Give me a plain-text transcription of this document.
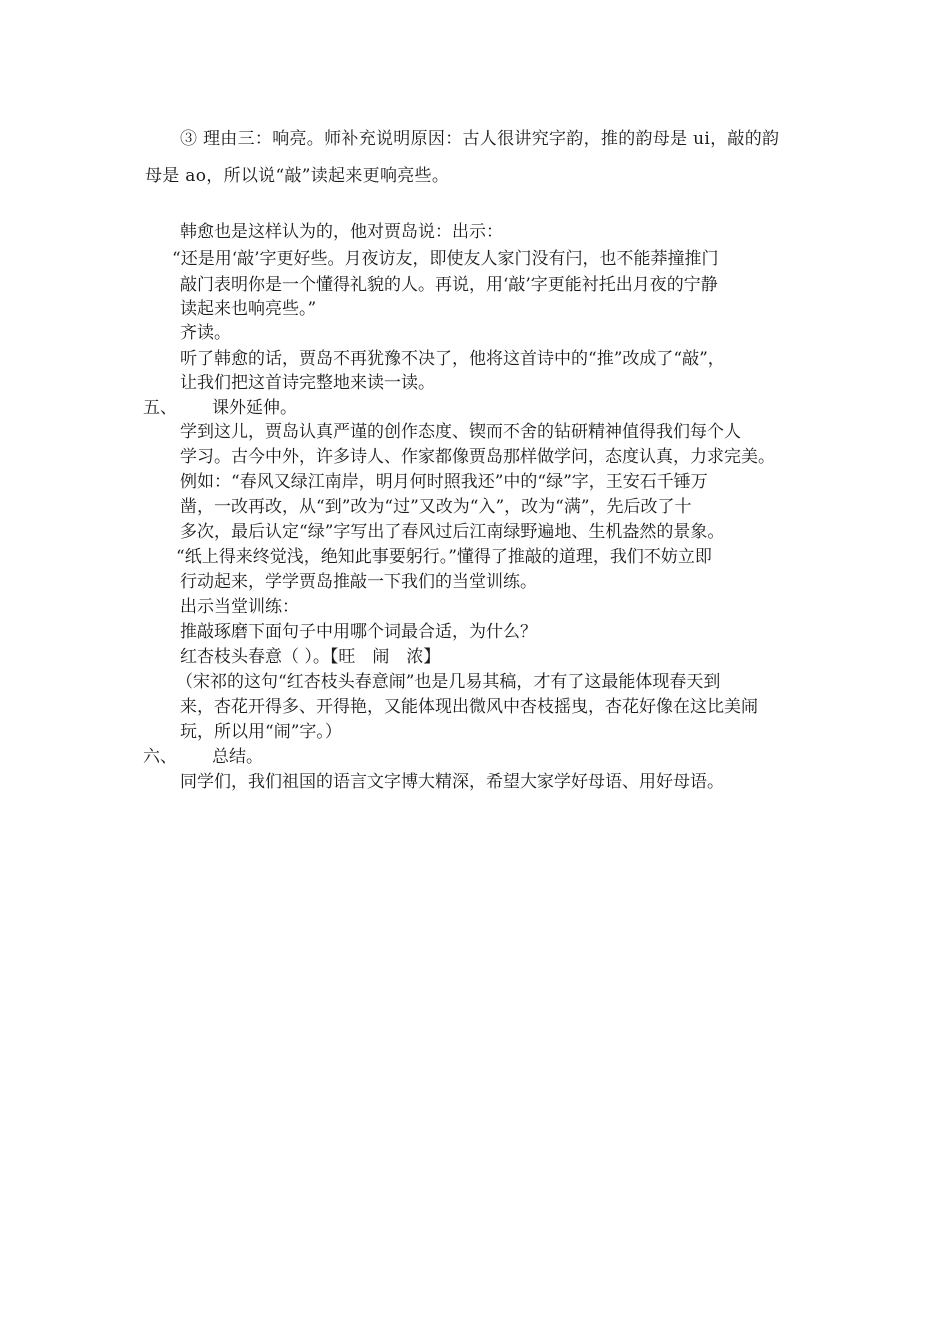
③ 理由三：响亮。师补充说明原因：古人很讲究字韵，推的韵母是 ui，敲的韵
母是 ao，所以说“敲”读起来更响亮些。
韩愈也是这样认为的，他对贾岛说：出示：
“还是用‘敲’字更好些。月夜访友，即使友人家门没有闩，也不能莽撞推门
敲门表明你是一个懂得礼貌的人。再说，用‘敲’字更能衬托出月夜的宁静
读起来也响亮些。”
齐读。
听了韩愈的话，贾岛不再犹豫不决了，他将这首诗中的“推”改成了“敲”，
让我们把这首诗完整地来读一读。
五、 课外延伸。
学到这儿，贾岛认真严谨的创作态度、锲而不舍的钻研精神值得我们每个人
学习。古今中外，许多诗人、作家都像贾岛那样做学问，态度认真，力求完美。
例如：“春风又绿江南岸，明月何时照我还”中的“绿”字，王安石千锤万
凿，一改再改，从“到”改为“过”又改为“入”，改为“满”，先后改了十
多次，最后认定“绿”字写出了春风过后江南绿野遍地、生机盎然的景象。
“纸上得来终觉浅，绝知此事要躬行。”懂得了推敲的道理，我们不妨立即
行动起来，学学贾岛推敲一下我们的当堂训练。
出示当堂训练：
推敲琢磨下面句子中用哪个词最合适，为什么？
红杏枝头春意（ ）。【旺　闹　浓】
（宋祁的这句“红杏枝头春意闹”也是几易其稿，才有了这最能体现春天到
来，杏花开得多、开得艳，又能体现出微风中杏枝摇曳，杏花好像在这比美闹
玩，所以用“闹”字。）
六、 总结。
同学们，我们祖国的语言文字博大精深，希望大家学好母语、用好母语。
